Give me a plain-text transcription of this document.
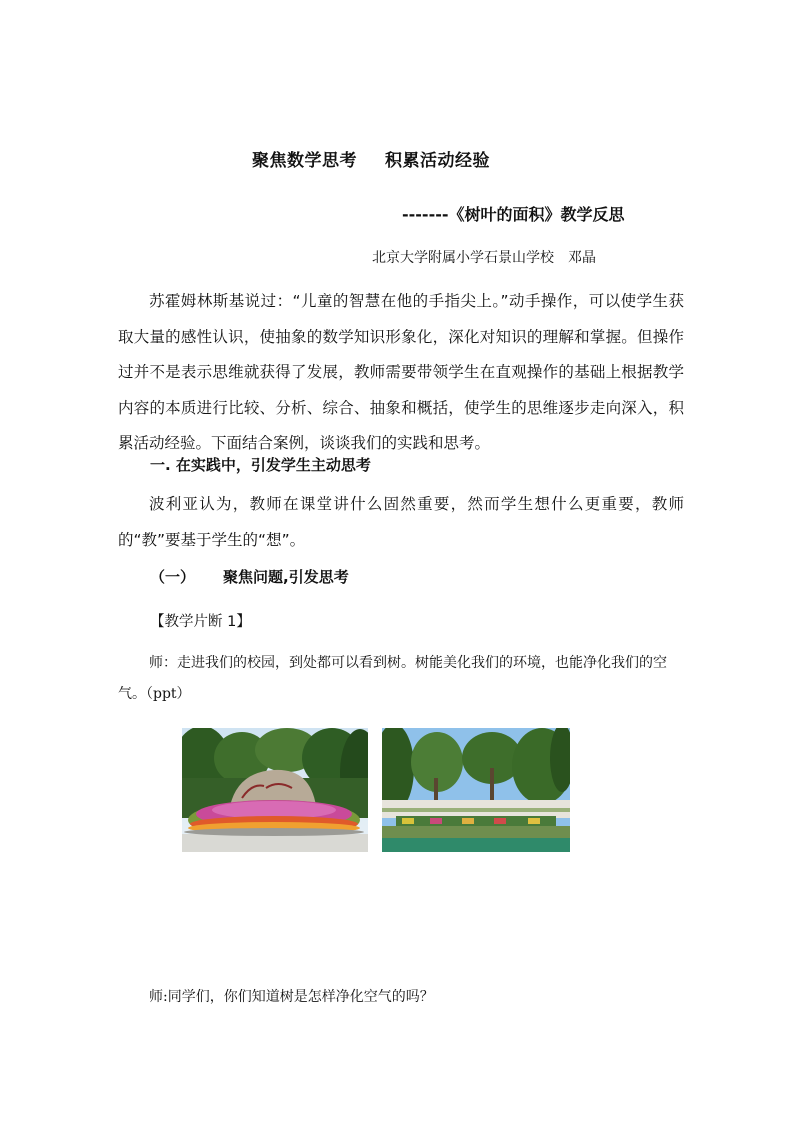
聚焦数学思考 积累活动经验
-------《树叶的面积》教学反思
北京大学附属小学石景山学校　邓晶

苏霍姆林斯基说过：“儿童的智慧在他的手指尖上。”动手操作，可以使学生获取大量的感性认识，使抽象的数学知识形象化，深化对知识的理解和掌握。但操作过并不是表示思维就获得了发展，教师需要带领学生在直观操作的基础上根据教学内容的本质进行比较、分析、综合、抽象和概括，使学生的思维逐步走向深入，积累活动经验。下面结合案例，谈谈我们的实践和思考。

一. 在实践中，引发学生主动思考

波利亚认为，教师在课堂讲什么固然重要，然而学生想什么更重要，教师的“教”要基于学生的“想”。

（一） 聚焦问题,引发思考
【教学片断 1】

师：走进我们的校园，到处都可以看到树。树能美化我们的环境，也能净化我们的空气。（ppt）

师:同学们，你们知道树是怎样净化空气的吗？
